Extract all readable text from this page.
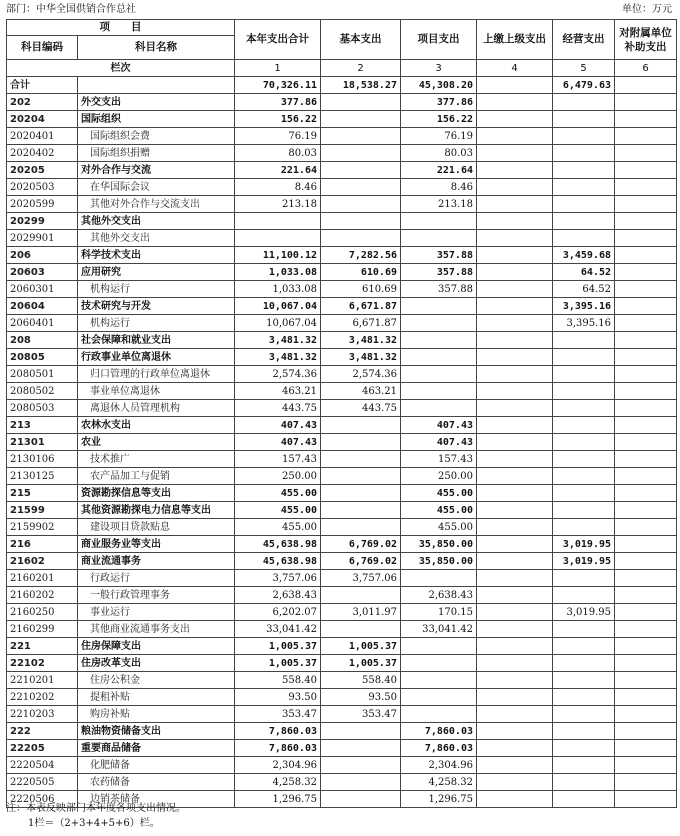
部门：中华全国供销合作总社	单位：万元
项　　目		本年支出合计	基本支出	项目支出	上缴上级支出	经营支出	对附属单位补助支出
科目编码	科目名称						
栏次		1	2	3	4	5	6
合计		70,326.11	18,538.27	45,308.20		6,479.63	
202	外交支出	377.86		377.86			
20204	国际组织	156.22		156.22			
2020401	国际组织会费	76.19		76.19			
2020402	国际组织捐赠	80.03		80.03			
20205	对外合作与交流	221.64		221.64			
2020503	在华国际会议	8.46		8.46			
2020599	其他对外合作与交流支出	213.18		213.18			
20299	其他外交支出						
2029901	其他外交支出						
206	科学技术支出	11,100.12	7,282.56	357.88		3,459.68	
20603	应用研究	1,033.08	610.69	357.88		64.52	
2060301	机构运行	1,033.08	610.69	357.88		64.52	
20604	技术研究与开发	10,067.04	6,671.87			3,395.16	
2060401	机构运行	10,067.04	6,671.87			3,395.16	
208	社会保障和就业支出	3,481.32	3,481.32				
20805	行政事业单位离退休	3,481.32	3,481.32				
2080501	归口管理的行政单位离退休	2,574.36	2,574.36				
2080502	事业单位离退休	463.21	463.21				
2080503	离退休人员管理机构	443.75	443.75				
213	农林水支出	407.43		407.43			
21301	农业	407.43		407.43			
2130106	技术推广	157.43		157.43			
2130125	农产品加工与促销	250.00		250.00			
215	资源勘探信息等支出	455.00		455.00			
21599	其他资源勘探电力信息等支出	455.00		455.00			
2159902	建设项目贷款贴息	455.00		455.00			
216	商业服务业等支出	45,638.98	6,769.02	35,850.00		3,019.95	
21602	商业流通事务	45,638.98	6,769.02	35,850.00		3,019.95	
2160201	行政运行	3,757.06	3,757.06				
2160202	一般行政管理事务	2,638.43		2,638.43			
2160250	事业运行	6,202.07	3,011.97	170.15		3,019.95	
2160299	其他商业流通事务支出	33,041.42		33,041.42			
221	住房保障支出	1,005.37	1,005.37				
22102	住房改革支出	1,005.37	1,005.37				
2210201	住房公积金	558.40	558.40				
2210202	提租补贴	93.50	93.50				
2210203	购房补贴	353.47	353.47				
222	粮油物资储备支出	7,860.03		7,860.03			
22205	重要商品储备	7,860.03		7,860.03			
2220504	化肥储备	2,304.96		2,304.96			
2220505	农药储备	4,258.32		4,258.32			
2220506	边销茶储备	1,296.75		1,296.75			
注：本表反映部门本年度各项支出情况。
1栏＝（2+3+4+5+6）栏。
